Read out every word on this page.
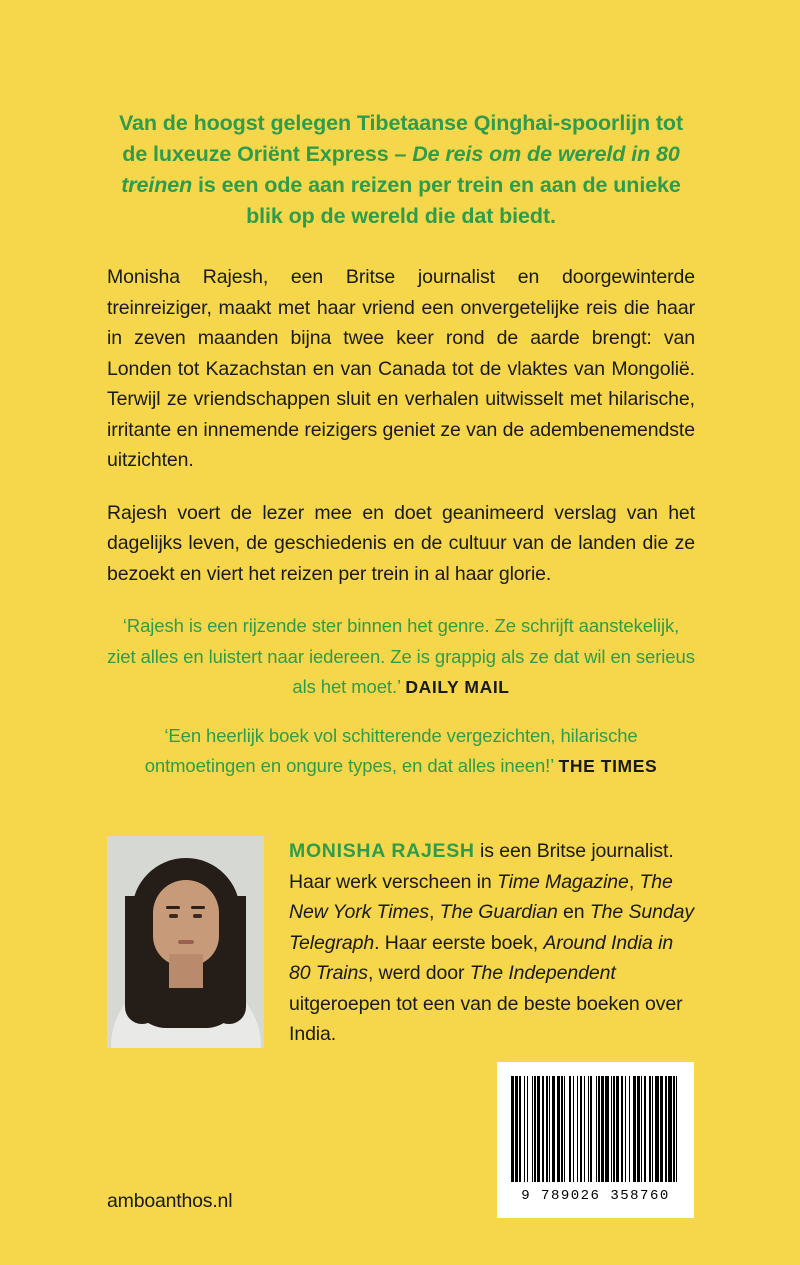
Van de hoogst gelegen Tibetaanse Qinghai-spoorlijn tot de luxeuze Oriënt Express – De reis om de wereld in 80 treinen is een ode aan reizen per trein en aan de unieke blik op de wereld die dat biedt.

Monisha Rajesh, een Britse journalist en doorgewinterde treinreiziger, maakt met haar vriend een onvergetelijke reis die haar in zeven maanden bijna twee keer rond de aarde brengt: van Londen tot Kazachstan en van Canada tot de vlaktes van Mongolië. Terwijl ze vriendschappen sluit en verhalen uitwisselt met hilarische, irritante en innemende reizigers geniet ze van de adembenemendste uitzichten.

Rajesh voert de lezer mee en doet geanimeerd verslag van het dagelijks leven, de geschiedenis en de cultuur van de landen die ze bezoekt en viert het reizen per trein in al haar glorie.

‘Rajesh is een rijzende ster binnen het genre. Ze schrijft aanstekelijk, ziet alles en luistert naar iedereen. Ze is grappig als ze dat wil en serieus als het moet.’ DAILY MAIL

‘Een heerlijk boek vol schitterende vergezichten, hilarische ontmoetingen en ongure types, en dat alles ineen!’ THE TIMES

MONISHA RAJESH is een Britse journalist. Haar werk verscheen in Time Magazine, The New York Times, The Guardian en The Sunday Telegraph. Haar eerste boek, Around India in 80 Trains, werd door The Independent uitgeroepen tot een van de beste boeken over India.
9 789026 358760
amboanthos.nl
